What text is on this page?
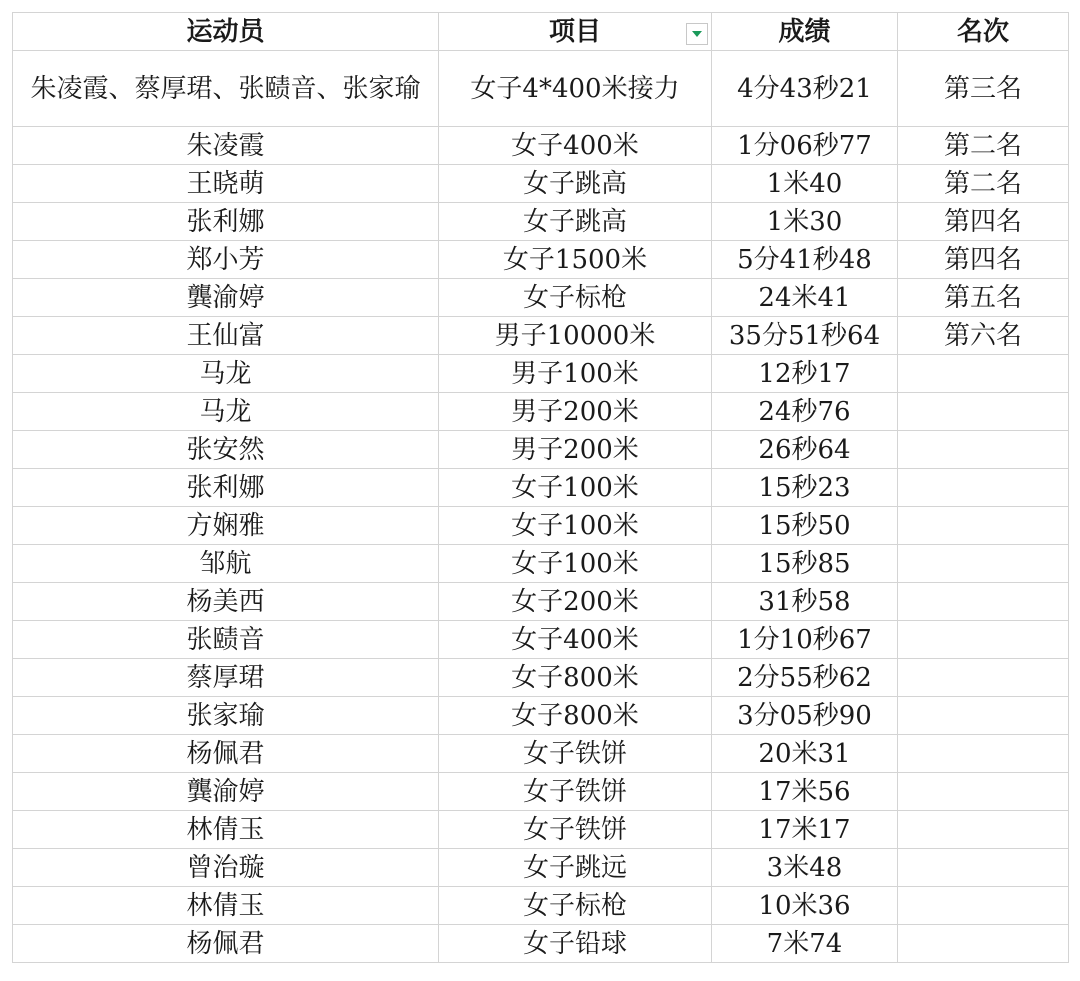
运动员	项目	成绩	名次
朱凌霞、蔡厚珺、张赜音、张家瑜	女子4*400米接力	4分43秒21	第三名
朱凌霞	女子400米	1分06秒77	第二名
王晓萌	女子跳高	1米40	第二名
张利娜	女子跳高	1米30	第四名
郑小芳	女子1500米	5分41秒48	第四名
龔渝婷	女子标枪	24米41	第五名
王仙富	男子10000米	35分51秒64	第六名
马龙	男子100米	12秒17	
马龙	男子200米	24秒76	
张安然	男子200米	26秒64	
张利娜	女子100米	15秒23	
方娴雅	女子100米	15秒50	
邹航	女子100米	15秒85	
杨美西	女子200米	31秒58	
张赜音	女子400米	1分10秒67	
蔡厚珺	女子800米	2分55秒62	
张家瑜	女子800米	3分05秒90	
杨佩君	女子铁饼	20米31	
龔渝婷	女子铁饼	17米56	
林倩玉	女子铁饼	17米17	
曾治璇	女子跳远	3米48	
林倩玉	女子标枪	10米36	
杨佩君	女子铅球	7米74	
